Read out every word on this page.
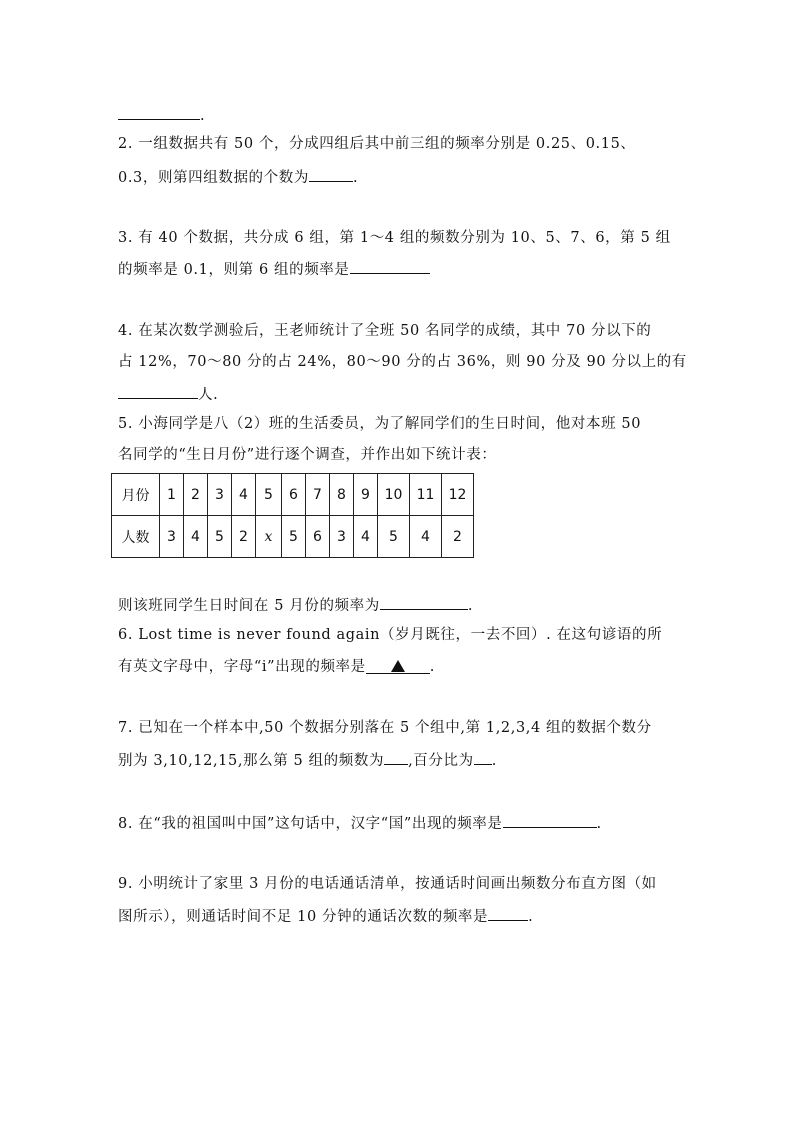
.
2. 一组数据共有 50 个，分成四组后其中前三组的频率分别是 0.25、0.15、
0.3，则第四组数据的个数为	.
3. 有 40 个数据，共分成 6 组，第 1～4 组的频数分别为 10、5、7、6，第 5 组
的频率是 0.1，则第 6 组的频率是
4. 在某次数学测验后，王老师统计了全班 50 名同学的成绩，其中 70 分以下的
占 12%，70～80 分的占 24%，80～90 分的占 36%，则 90 分及 90 分以上的有
人.
5. 小海同学是八（2）班的生活委员，为了解同学们的生日时间，他对本班 50
名同学的“生日月份”进行逐个调查，并作出如下统计表：
月份	1	2	3	4	5	6	7	8	9	10	11	12
人数	3	4	5	2	x	5	6	3	4	5	4	2
则该班同学生日时间在 5 月份的频率为	.
6. Lost time is never found again（岁月既往，一去不回）. 在这句谚语的所
有英文字母中，字母“i”出现的频率是	.
7. 已知在一个样本中,50 个数据分别落在 5 个组中,第 1,2,3,4 组的数据个数分
别为 3,10,12,15,那么第 5 组的频数为 ,百分比为 .
8. 在“我的祖国叫中国”这句话中，汉字“国”出现的频率是	.
9. 小明统计了家里 3 月份的电话通话清单，按通话时间画出频数分布直方图（如
图所示），则通话时间不足 10 分钟的通话次数的频率是	.
